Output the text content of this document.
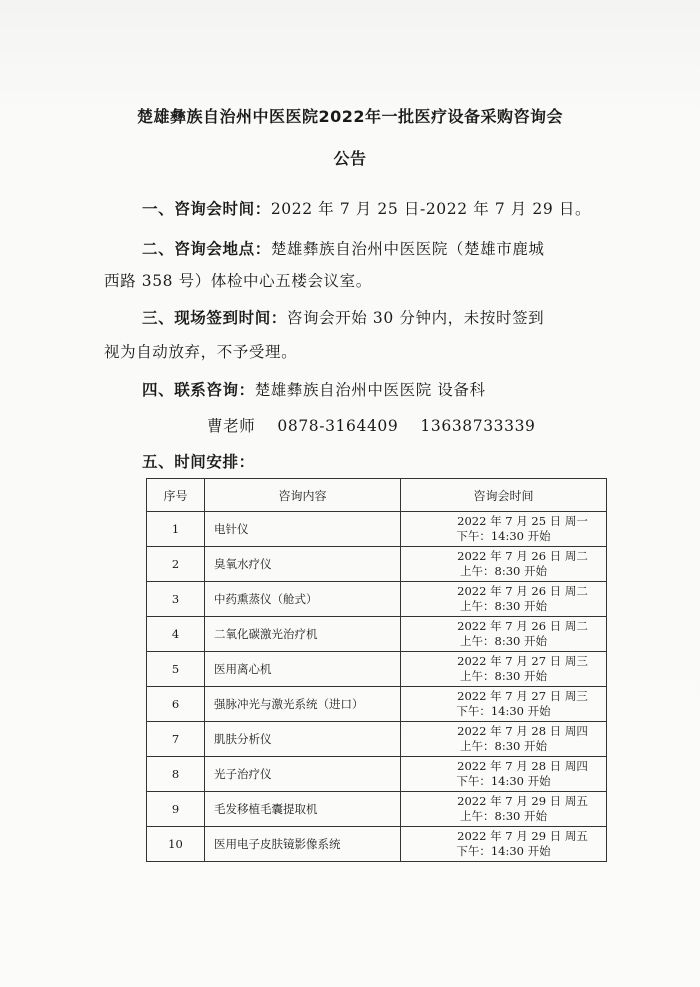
楚雄彝族自治州中医医院2022年一批医疗设备采购咨询会
公告
一、咨询会时间：2022 年 7 月 25 日-2022 年 7 月 29 日。
二、咨询会地点：楚雄彝族自治州中医医院（楚雄市鹿城
西路 358 号）体检中心五楼会议室。
三、现场签到时间：咨询会开始 30 分钟内，未按时签到
视为自动放弃，不予受理。
四、联系咨询：楚雄彝族自治州中医医院 设备科
曹老师    0878-3164409    13638733339
五、时间安排：
序号	咨询内容	咨询会时间
1	电针仪	2022 年 7 月 25 日 周一
下午：14:30 开始

2	臭氧水疗仪	2022 年 7 月 26 日 周二
上午：8:30 开始

3	中药熏蒸仪（舱式）	2022 年 7 月 26 日 周二
上午：8:30 开始

4	二氧化碳激光治疗机	2022 年 7 月 26 日 周二
上午：8:30 开始

5	医用离心机	2022 年 7 月 27 日 周三
上午：8:30 开始

6	强脉冲光与激光系统（进口）	2022 年 7 月 27 日 周三
下午：14:30 开始

7	肌肤分析仪	2022 年 7 月 28 日 周四
上午：8:30 开始

8	光子治疗仪	2022 年 7 月 28 日 周四
下午：14:30 开始

9	毛发移植毛囊提取机	2022 年 7 月 29 日 周五
上午：8:30 开始

10	医用电子皮肤镜影像系统	2022 年 7 月 29 日 周五
下午：14:30 开始
